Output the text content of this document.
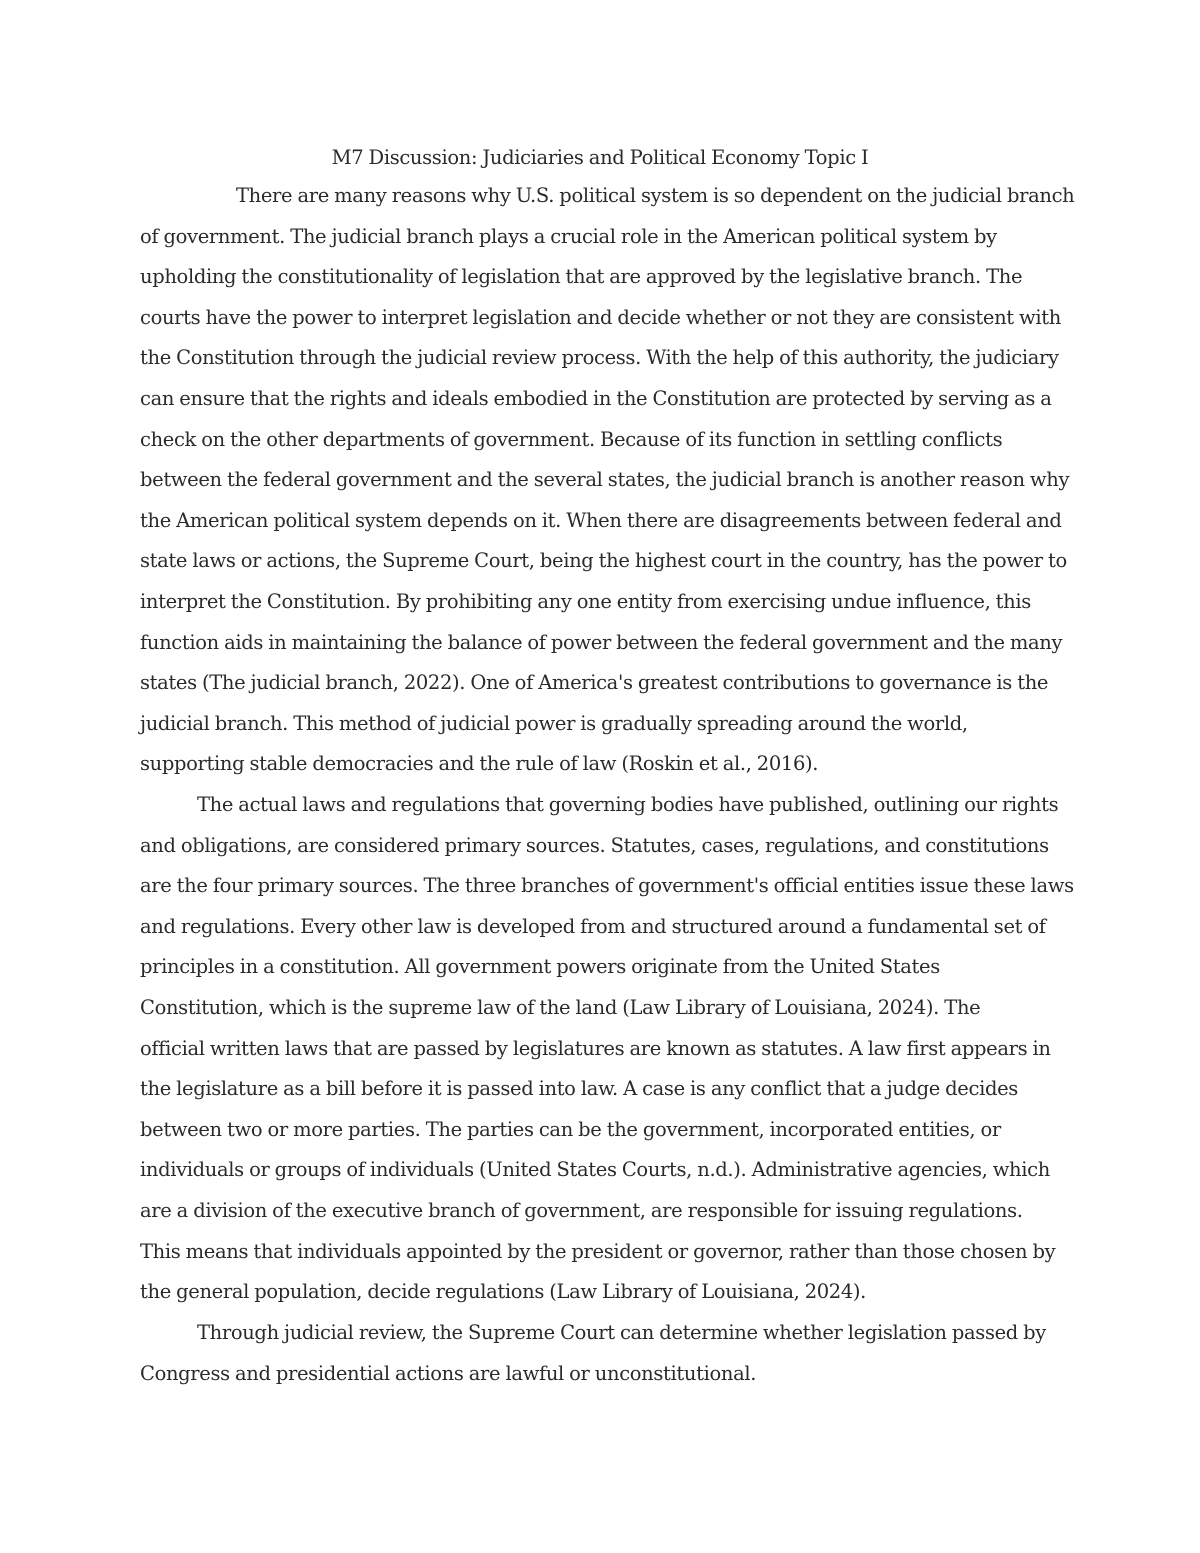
M7 Discussion: Judiciaries and Political Economy Topic I
There are many reasons why U.S. political system is so dependent on the judicial branch
of government. The judicial branch plays a crucial role in the American political system by
upholding the constitutionality of legislation that are approved by the legislative branch. The
courts have the power to interpret legislation and decide whether or not they are consistent with
the Constitution through the judicial review process. With the help of this authority, the judiciary
can ensure that the rights and ideals embodied in the Constitution are protected by serving as a
check on the other departments of government. Because of its function in settling conflicts
between the federal government and the several states, the judicial branch is another reason why
the American political system depends on it. When there are disagreements between federal and
state laws or actions, the Supreme Court, being the highest court in the country, has the power to
interpret the Constitution. By prohibiting any one entity from exercising undue influence, this
function aids in maintaining the balance of power between the federal government and the many
states (The judicial branch, 2022). One of America's greatest contributions to governance is the
judicial branch. This method of judicial power is gradually spreading around the world,
supporting stable democracies and the rule of law (Roskin et al., 2016).
The actual laws and regulations that governing bodies have published, outlining our rights
and obligations, are considered primary sources. Statutes, cases, regulations, and constitutions
are the four primary sources. The three branches of government's official entities issue these laws
and regulations. Every other law is developed from and structured around a fundamental set of
principles in a constitution. All government powers originate from the United States
Constitution, which is the supreme law of the land (Law Library of Louisiana, 2024). The
official written laws that are passed by legislatures are known as statutes. A law first appears in
the legislature as a bill before it is passed into law. A case is any conflict that a judge decides
between two or more parties. The parties can be the government, incorporated entities, or
individuals or groups of individuals (United States Courts, n.d.). Administrative agencies, which
are a division of the executive branch of government, are responsible for issuing regulations.
This means that individuals appointed by the president or governor, rather than those chosen by
the general population, decide regulations (Law Library of Louisiana, 2024).
Through judicial review, the Supreme Court can determine whether legislation passed by
Congress and presidential actions are lawful or unconstitutional.
